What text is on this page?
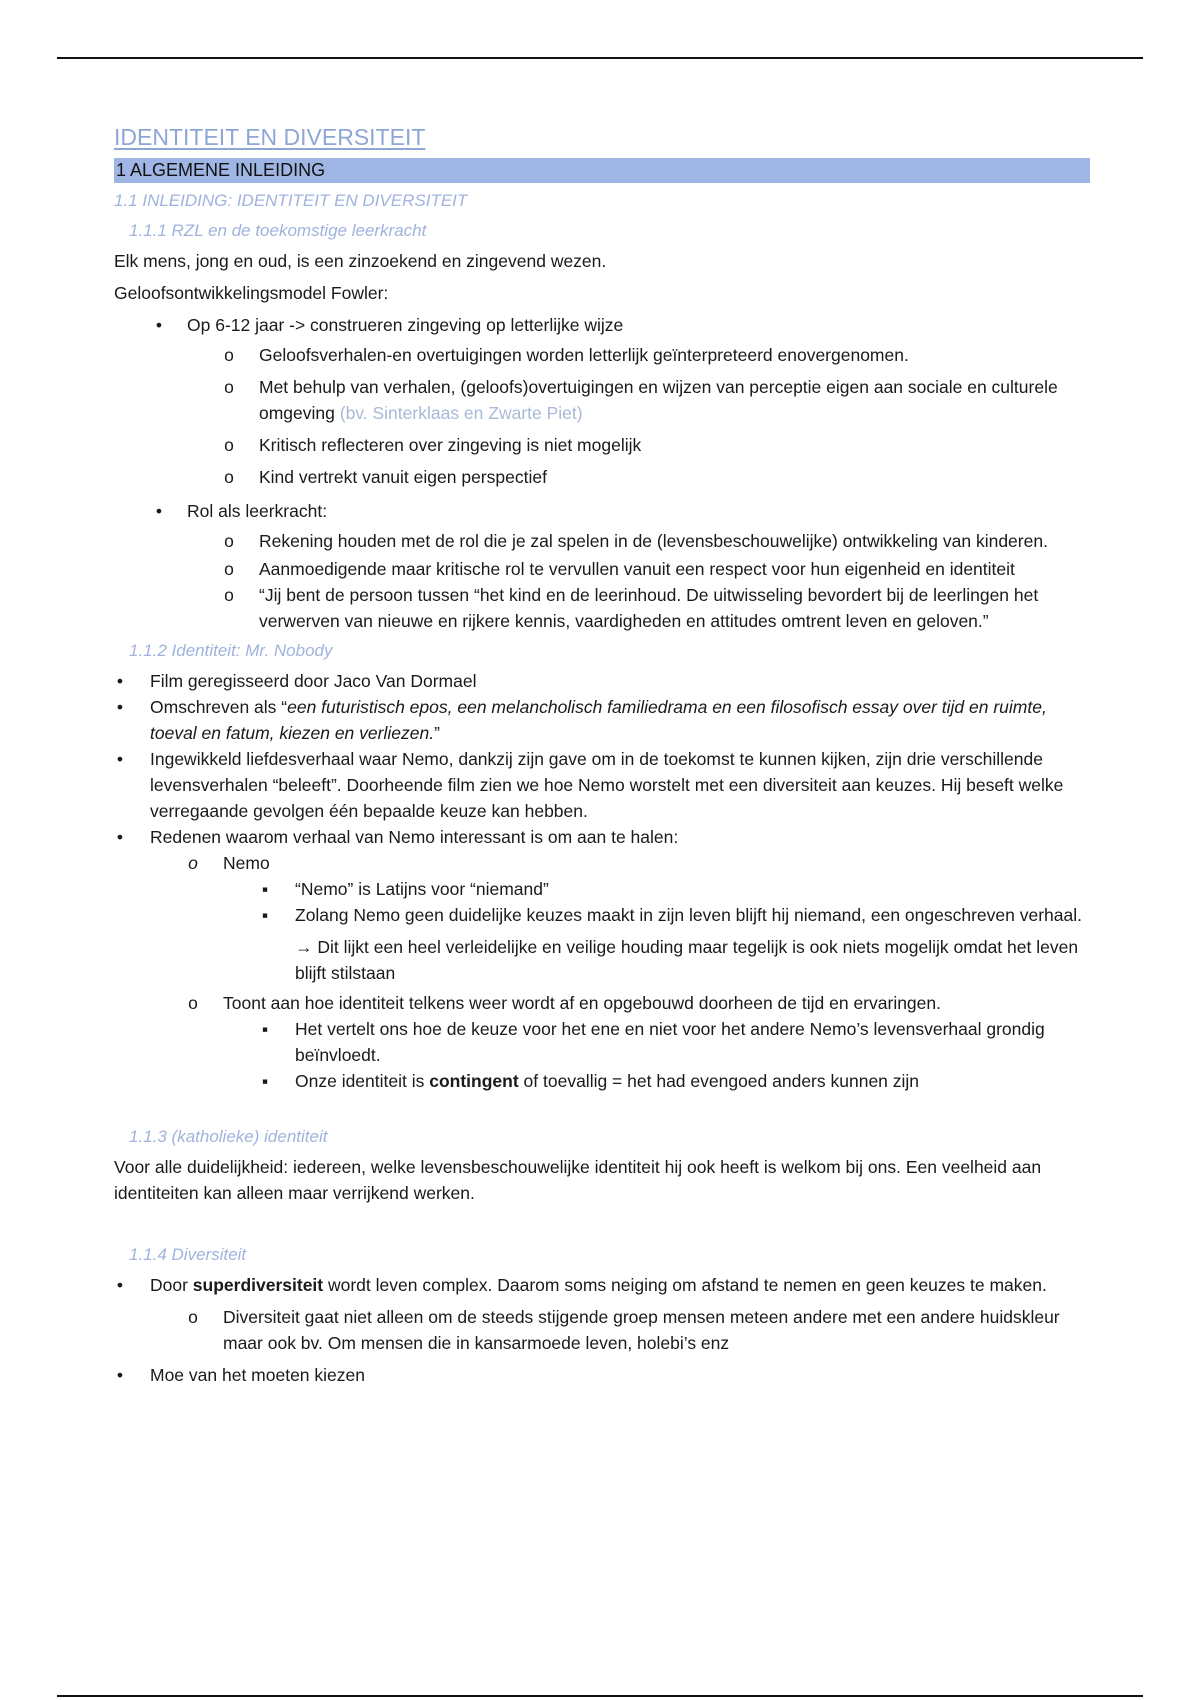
IDENTITEIT EN DIVERSITEIT
1 ALGEMENE INLEIDING
1.1 INLEIDING: IDENTITEIT EN DIVERSITEIT
1.1.1 RZL en de toekomstige leerkracht
Elk mens, jong en oud, is een zinzoekend en zingevend wezen.
Geloofsontwikkelingsmodel Fowler:
• Op 6-12 jaar -> construeren zingeving op letterlijke wijze
o Geloofsverhalen-en overtuigingen worden letterlijk geïnterpreteerd enovergenomen.
o Met behulp van verhalen, (geloofs)overtuigingen en wijzen van perceptie eigen aan sociale en culturele omgeving (bv. Sinterklaas en Zwarte Piet)
o Kritisch reflecteren over zingeving is niet mogelijk
o Kind vertrekt vanuit eigen perspectief
• Rol als leerkracht:
o Rekening houden met de rol die je zal spelen in de (levensbeschouwelijke) ontwikkeling van kinderen.
o Aanmoedigende maar kritische rol te vervullen vanuit een respect voor hun eigenheid en identiteit
o “Jij bent de persoon tussen “het kind en de leerinhoud. De uitwisseling bevordert bij de leerlingen het verwerven van nieuwe en rijkere kennis, vaardigheden en attitudes omtrent leven en geloven.”
1.1.2 Identiteit: Mr. Nobody
• Film geregisseerd door Jaco Van Dormael
• Omschreven als “een futuristisch epos, een melancholisch familiedrama en een filosofisch essay over tijd en ruimte, toeval en fatum, kiezen en verliezen.”
• Ingewikkeld liefdesverhaal waar Nemo, dankzij zijn gave om in de toekomst te kunnen kijken, zijn drie verschillende levensverhalen “beleeft”. Doorheende film zien we hoe Nemo worstelt met een diversiteit aan keuzes. Hij beseft welke verregaande gevolgen één bepaalde keuze kan hebben.
• Redenen waarom verhaal van Nemo interessant is om aan te halen:
o Nemo
▪ “Nemo” is Latijns voor “niemand”
▪ Zolang Nemo geen duidelijke keuzes maakt in zijn leven blijft hij niemand, een ongeschreven verhaal.
→ Dit lijkt een heel verleidelijke en veilige houding maar tegelijk is ook niets mogelijk omdat het leven blijft stilstaan
o Toont aan hoe identiteit telkens weer wordt af en opgebouwd doorheen de tijd en ervaringen.
▪ Het vertelt ons hoe de keuze voor het ene en niet voor het andere Nemo’s levensverhaal grondig beïnvloedt.
▪ Onze identiteit is contingent of toevallig = het had evengoed anders kunnen zijn
1.1.3 (katholieke) identiteit
Voor alle duidelijkheid: iedereen, welke levensbeschouwelijke identiteit hij ook heeft is welkom bij ons. Een veelheid aan identiteiten kan alleen maar verrijkend werken.
1.1.4 Diversiteit
• Door superdiversiteit wordt leven complex. Daarom soms neiging om afstand te nemen en geen keuzes te maken.
o Diversiteit gaat niet alleen om de steeds stijgende groep mensen meteen andere met een andere huidskleur maar ook bv. Om mensen die in kansarmoede leven, holebi’s enz
• Moe van het moeten kiezen
